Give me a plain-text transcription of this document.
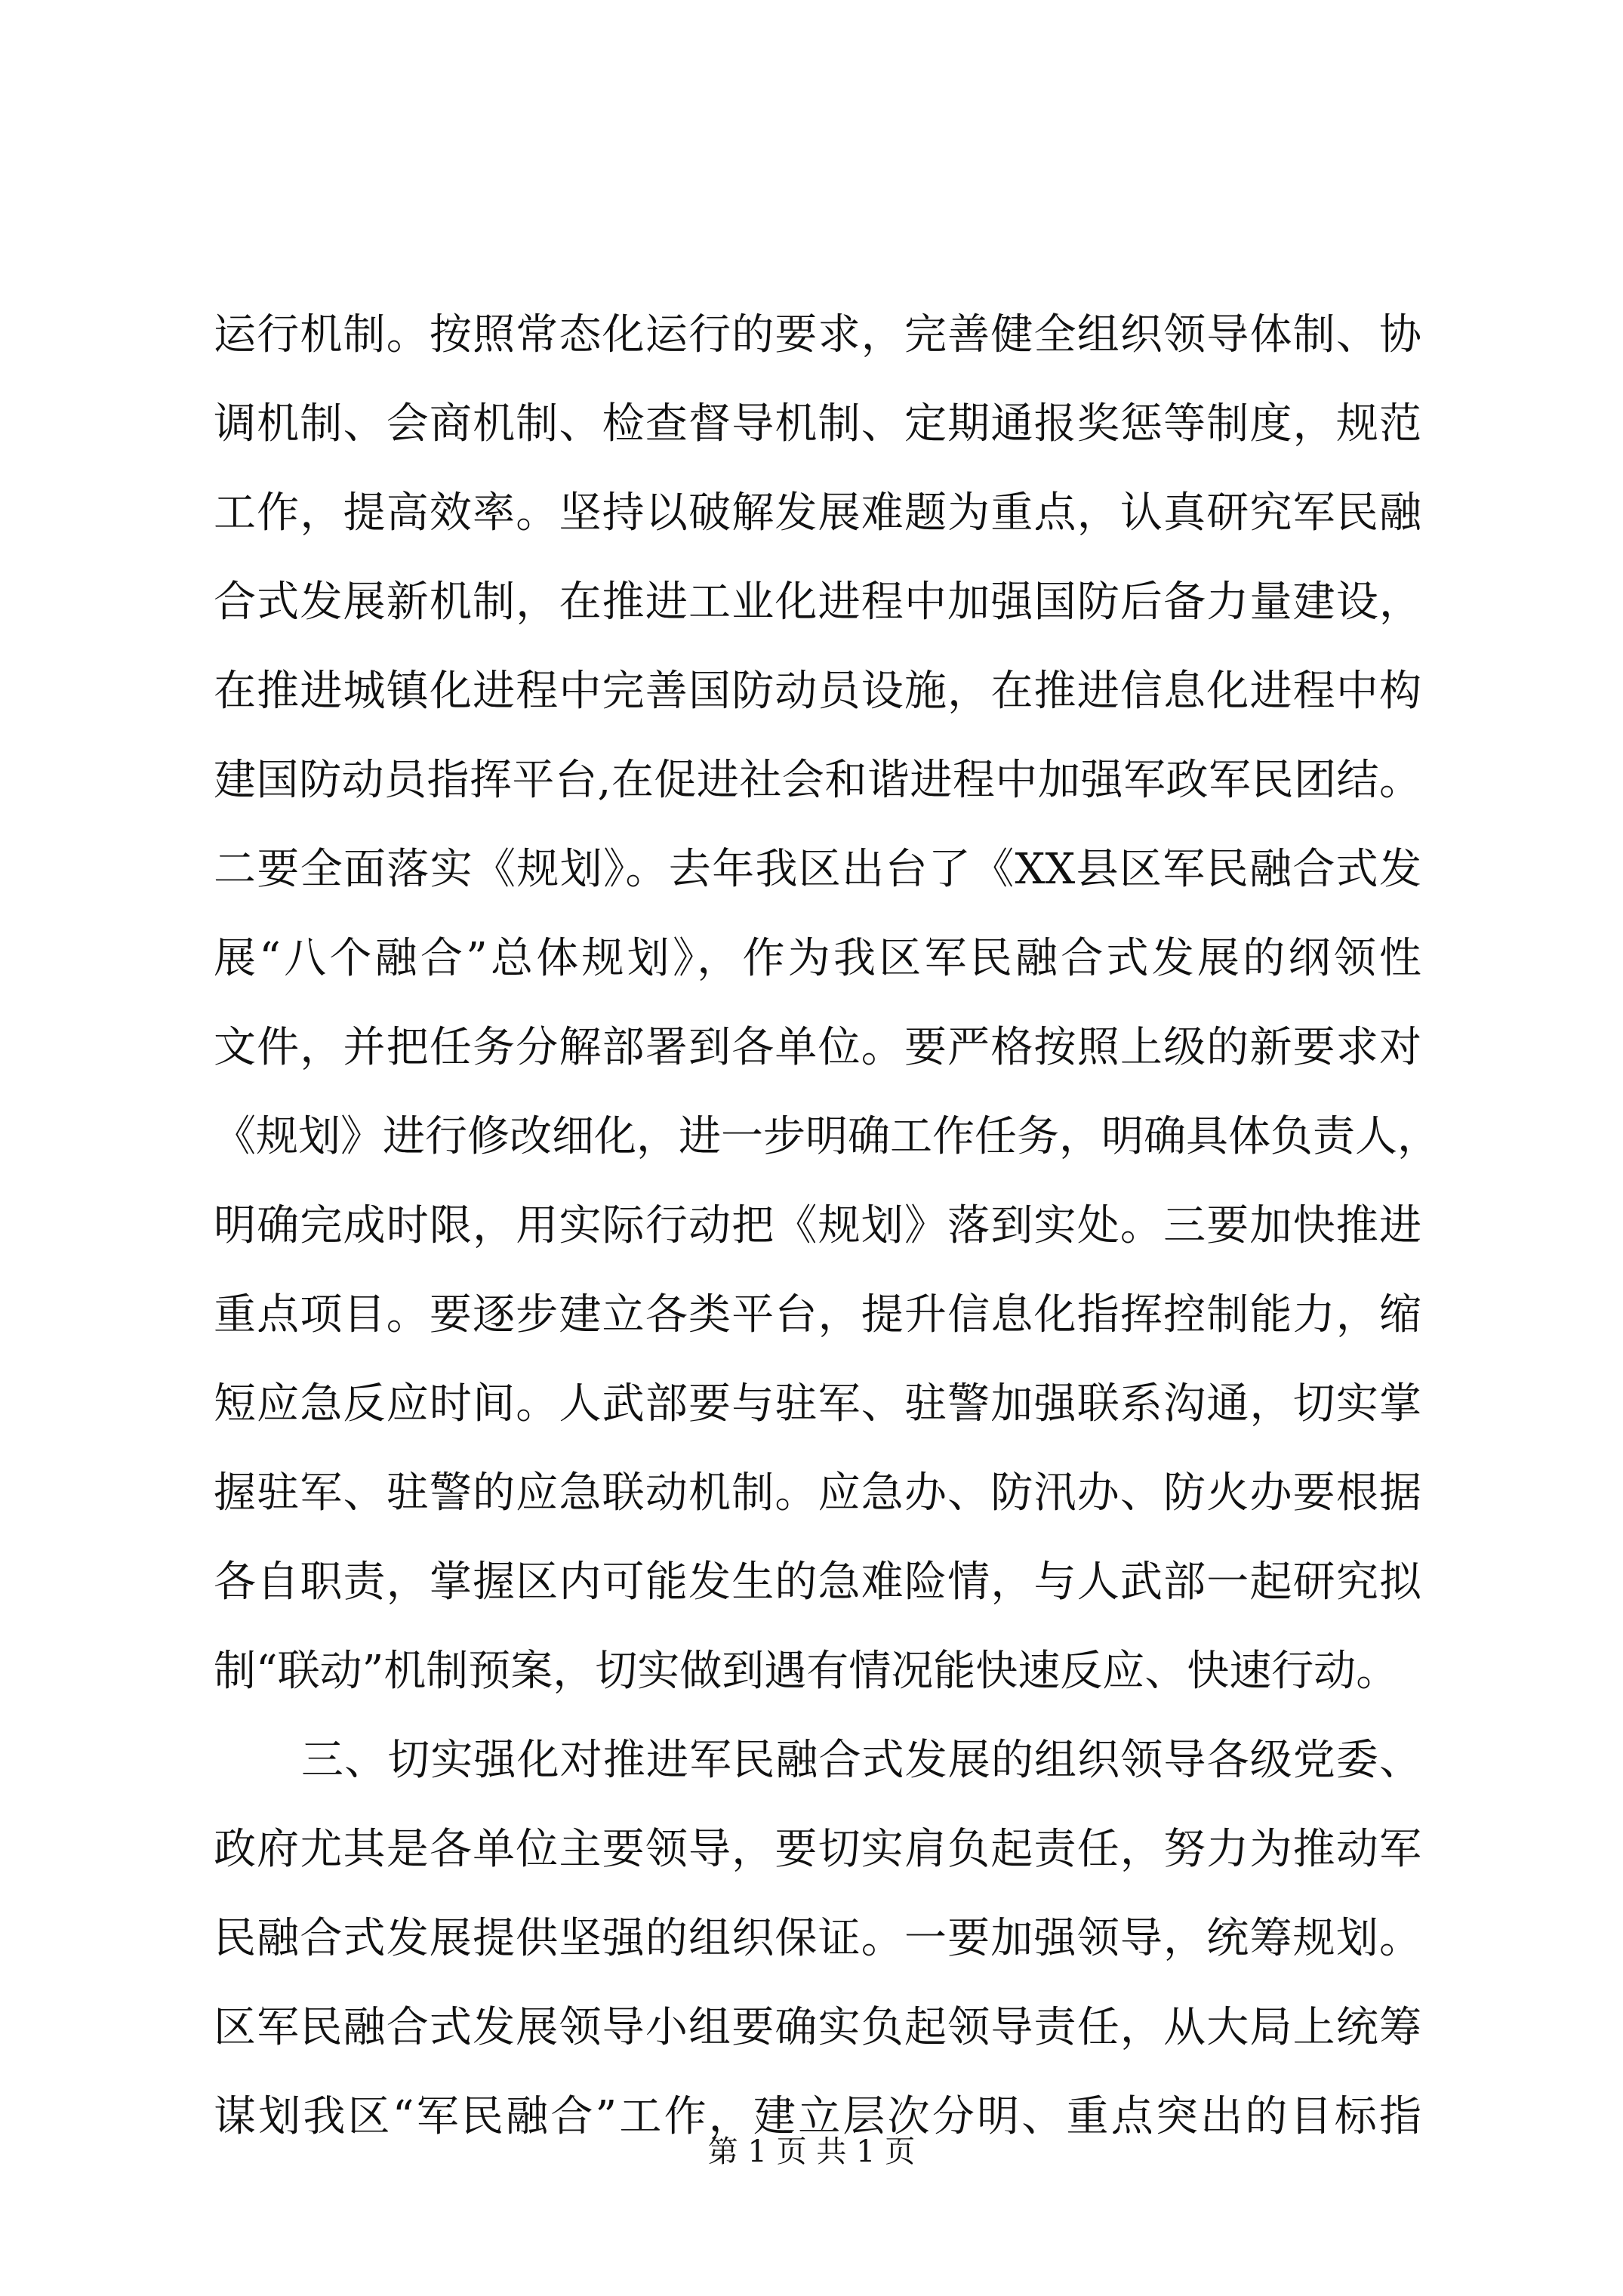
运行机制。按照常态化运行的要求，完善健全组织领导体制、协
调机制、会商机制、检查督导机制、定期通报奖惩等制度，规范
工作，提高效率。坚持以破解发展难题为重点，认真研究军民融
合式发展新机制，在推进工业化进程中加强国防后备力量建设，
在推进城镇化进程中完善国防动员设施，在推进信息化进程中构
建国防动员指挥平台,在促进社会和谐进程中加强军政军民团结。
二要全面落实《规划》。去年我区出台了《XX县区军民融合式发
展“八个融合”总体规划》，作为我区军民融合式发展的纲领性
文件，并把任务分解部署到各单位。要严格按照上级的新要求对
《规划》进行修改细化，进一步明确工作任务，明确具体负责人，
明确完成时限，用实际行动把《规划》落到实处。三要加快推进
重点项目。要逐步建立各类平台，提升信息化指挥控制能力，缩
短应急反应时间。人武部要与驻军、驻警加强联系沟通，切实掌
握驻军、驻警的应急联动机制。应急办、防汛办、防火办要根据
各自职责，掌握区内可能发生的急难险情，与人武部一起研究拟
制“联动”机制预案，切实做到遇有情况能快速反应、快速行动。
三、切实强化对推进军民融合式发展的组织领导各级党委、
政府尤其是各单位主要领导，要切实肩负起责任，努力为推动军
民融合式发展提供坚强的组织保证。一要加强领导，统筹规划。
区军民融合式发展领导小组要确实负起领导责任，从大局上统筹
谋划我区“军民融合”工作，建立层次分明、重点突出的目标指
第 1 页 共 1 页
